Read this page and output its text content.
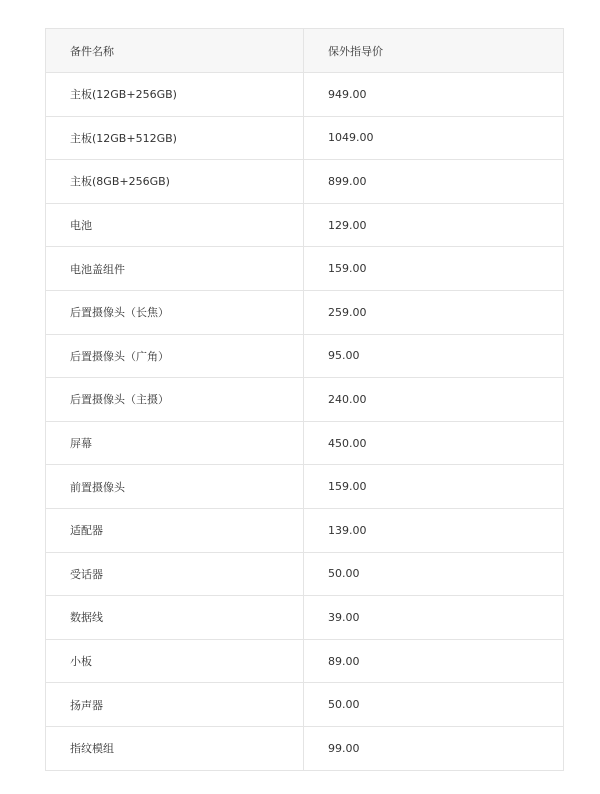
备件名称	保外指导价
主板(12GB+256GB)	949.00
主板(12GB+512GB)	1049.00
主板(8GB+256GB)	899.00
电池	129.00
电池盖组件	159.00
后置摄像头（长焦）	259.00
后置摄像头（广角）	95.00
后置摄像头（主摄）	240.00
屏幕	450.00
前置摄像头	159.00
适配器	139.00
受话器	50.00
数据线	39.00
小板	89.00
扬声器	50.00
指纹模组	99.00
